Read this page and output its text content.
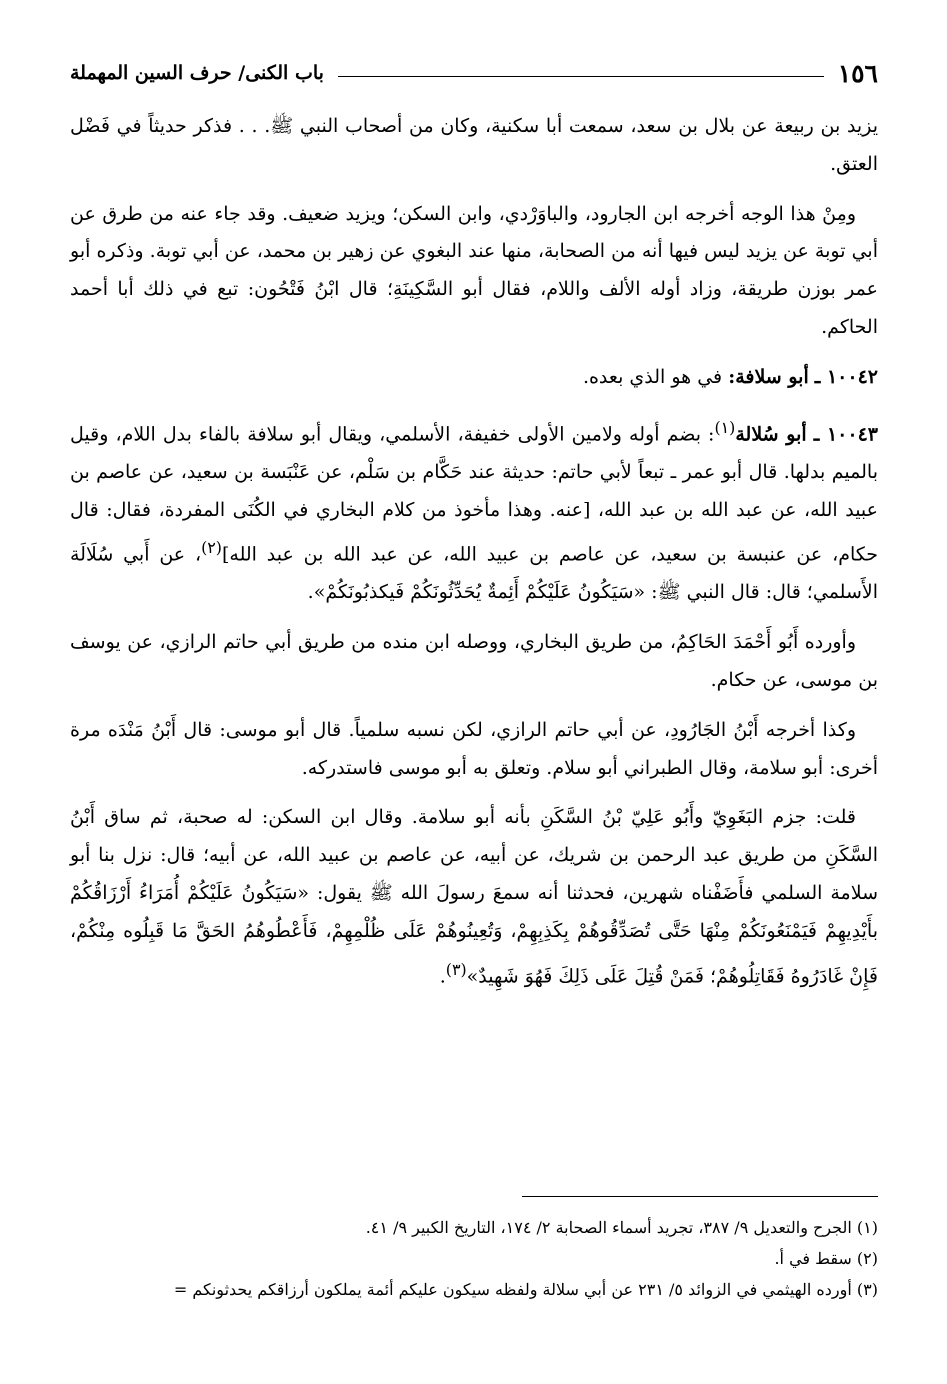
١٥٦
باب الكنى/ حرف السين المهملة

يزيد بن ربيعة عن بلال بن سعد، سمعت أبا سكنية، وكان من أصحاب النبي ﷺ. . . فذكر حديثاً في فَضْل العتق.

ومِنْ هذا الوجه أخرجه ابن الجارود، والباوَرْدي، وابن السكن؛ ويزيد ضعيف. وقد جاء عنه من طرق عن أبي توبة عن يزيد ليس فيها أنه من الصحابة، منها عند البغوي عن زهير بن محمد، عن أبي توبة. وذكره أبو عمر بوزن طريقة، وزاد أوله الألف واللام، فقال أبو السَّكِينَةِ؛ قال ابْنُ فَتْحُون: تبع في ذلك أبا أحمد الحاكم.

١٠٠٤٢ ـ أبو سلافة: في هو الذي بعده.

١٠٠٤٣ ـ أبو سُلالة$^{(١)}$: بضم أوله ولامين الأولى خفيفة، الأسلمي، ويقال أبو سلافة بالفاء بدل اللام، وقيل بالميم بدلها. قال أبو عمر ـ تبعاً لأبي حاتم: حديثة عند حَكَّام بن سَلْم، عن عَنْبَسة بن سعيد، عن عاصم بن عبيد الله، عن عبد الله بن عبد الله، [عنه. وهذا مأخوذ من كلام البخاري في الكُنَى المفردة، فقال: قال حكام، عن عنبسة بن سعيد، عن عاصم بن عبيد الله، عن عبد الله بن عبد الله]$^{(٢)}$، عن أَبي سُلَالَة الأَسلمي؛ قال: قال النبي ﷺ: «سَيَكُونُ عَلَيْكُمْ أَئِمةٌ يُحَدِّثُونَكُمْ فَيكذبُونَكُمْ».

وأورده أَبُو أَحْمَدَ الحَاكِمُ، من طريق البخاري، ووصله ابن منده من طريق أبي حاتم الرازي، عن يوسف بن موسى، عن حكام.

وكذا أخرجه أَبْنُ الجَارُودِ، عن أبي حاتم الرازي، لكن نسبه سلمياً. قال أبو موسى: قال أَبْنُ مَنْدَه مرة أخرى: أبو سلامة، وقال الطبراني أبو سلام. وتعلق به أبو موسى فاستدركه.

قلت: جزم البَغَوِيّ وأَبُو عَلِيّ بْنُ السَّكَنِ بأنه أبو سلامة. وقال ابن السكن: له صحبة، ثم ساق أَبْنُ السَّكَنِ من طريق عبد الرحمن بن شريك، عن أبيه، عن عاصم بن عبيد الله، عن أبيه؛ قال: نزل بنا أبو سلامة السلمي فأَضَفْناه شهرين، فحدثنا أنه سمعَ رسولَ الله ﷺ يقول: «سَيَكُونُ عَلَيْكُمْ أُمَرَاءُ أَرْزَاقُكُمْ بأَيْدِيهِمْ فَيَمْنَعُونَكُمْ مِنْهَا حَتَّى تُصَدِّقُوهُمْ بِكَذِبِهِمْ، وَتُعِينُوهُمْ عَلَى ظُلْمِهِمْ، فَأَعْطُوهُمُ الحَقَّ مَا قَبِلُوه مِنْكُمْ، فَإِنْ غَادَرُوهُ فَقَاتِلُوهُمْ؛ فَمَنْ قُتِلَ عَلَى ذَلِكَ فَهُوَ شَهِيدٌ»$^{(٣)}$.

(١) الجرح والتعديل ٩/ ٣٨٧، تجريد أسماء الصحابة ٢/ ١٧٤، التاريخ الكبير ٩/ ٤١.
(٢) سقط في أ.
(٣) أورده الهيثمي في الزوائد ٥/ ٢٣١ عن أبي سلالة ولفظه سيكون عليكم أئمة يملكون أرزاقكم يحدثونكم =
